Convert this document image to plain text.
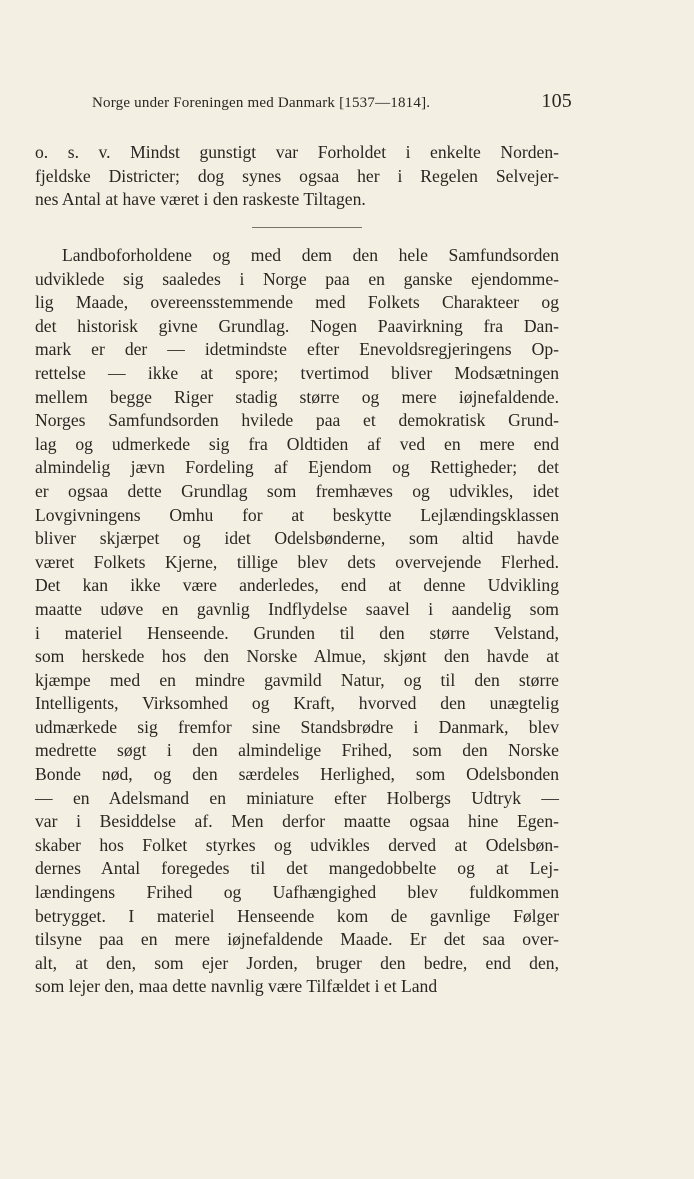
Norge under Foreningen med Danmark [1537—1814].	105
o. s. v. Mindst gunstigt var Forholdet i enkelte Norden-
fjeldske Districter; dog synes ogsaa her i Regelen Selvejer-
nes Antal at have været i den raskeste Tiltagen.
Landboforholdene og med dem den hele Samfundsorden
udviklede sig saaledes i Norge paa en ganske ejendomme-
lig Maade, overeensstemmende med Folkets Charakteer og
det historisk givne Grundlag. Nogen Paavirkning fra Dan-
mark er der — idetmindste efter Enevoldsregjeringens Op-
rettelse — ikke at spore; tvertimod bliver Modsætningen
mellem begge Riger stadig større og mere iøjnefaldende.
Norges Samfundsorden hvilede paa et demokratisk Grund-
lag og udmerkede sig fra Oldtiden af ved en mere end
almindelig jævn Fordeling af Ejendom og Rettigheder; det
er ogsaa dette Grundlag som fremhæves og udvikles, idet
Lovgivningens Omhu for at beskytte Lejlændingsklassen
bliver skjærpet og idet Odelsbønderne, som altid havde
været Folkets Kjerne, tillige blev dets overvejende Flerhed.
Det kan ikke være anderledes, end at denne Udvikling
maatte udøve en gavnlig Indflydelse saavel i aandelig som
i materiel Henseende. Grunden til den større Velstand,
som herskede hos den Norske Almue, skjønt den havde at
kjæmpe med en mindre gavmild Natur, og til den større
Intelligents, Virksomhed og Kraft, hvorved den unægtelig
udmærkede sig fremfor sine Standsbrødre i Danmark, blev
medrette søgt i den almindelige Frihed, som den Norske
Bonde nød, og den særdeles Herlighed, som Odelsbonden
— en Adelsmand en miniature efter Holbergs Udtryk —
var i Besiddelse af. Men derfor maatte ogsaa hine Egen-
skaber hos Folket styrkes og udvikles derved at Odelsbøn-
dernes Antal foregedes til det mangedobbelte og at Lej-
lændingens Frihed og Uafhængighed blev fuldkommen
betrygget. I materiel Henseende kom de gavnlige Følger
tilsyne paa en mere iøjnefaldende Maade. Er det saa over-
alt, at den, som ejer Jorden, bruger den bedre, end den,
som lejer den, maa dette navnlig være Tilfældet i et Land
